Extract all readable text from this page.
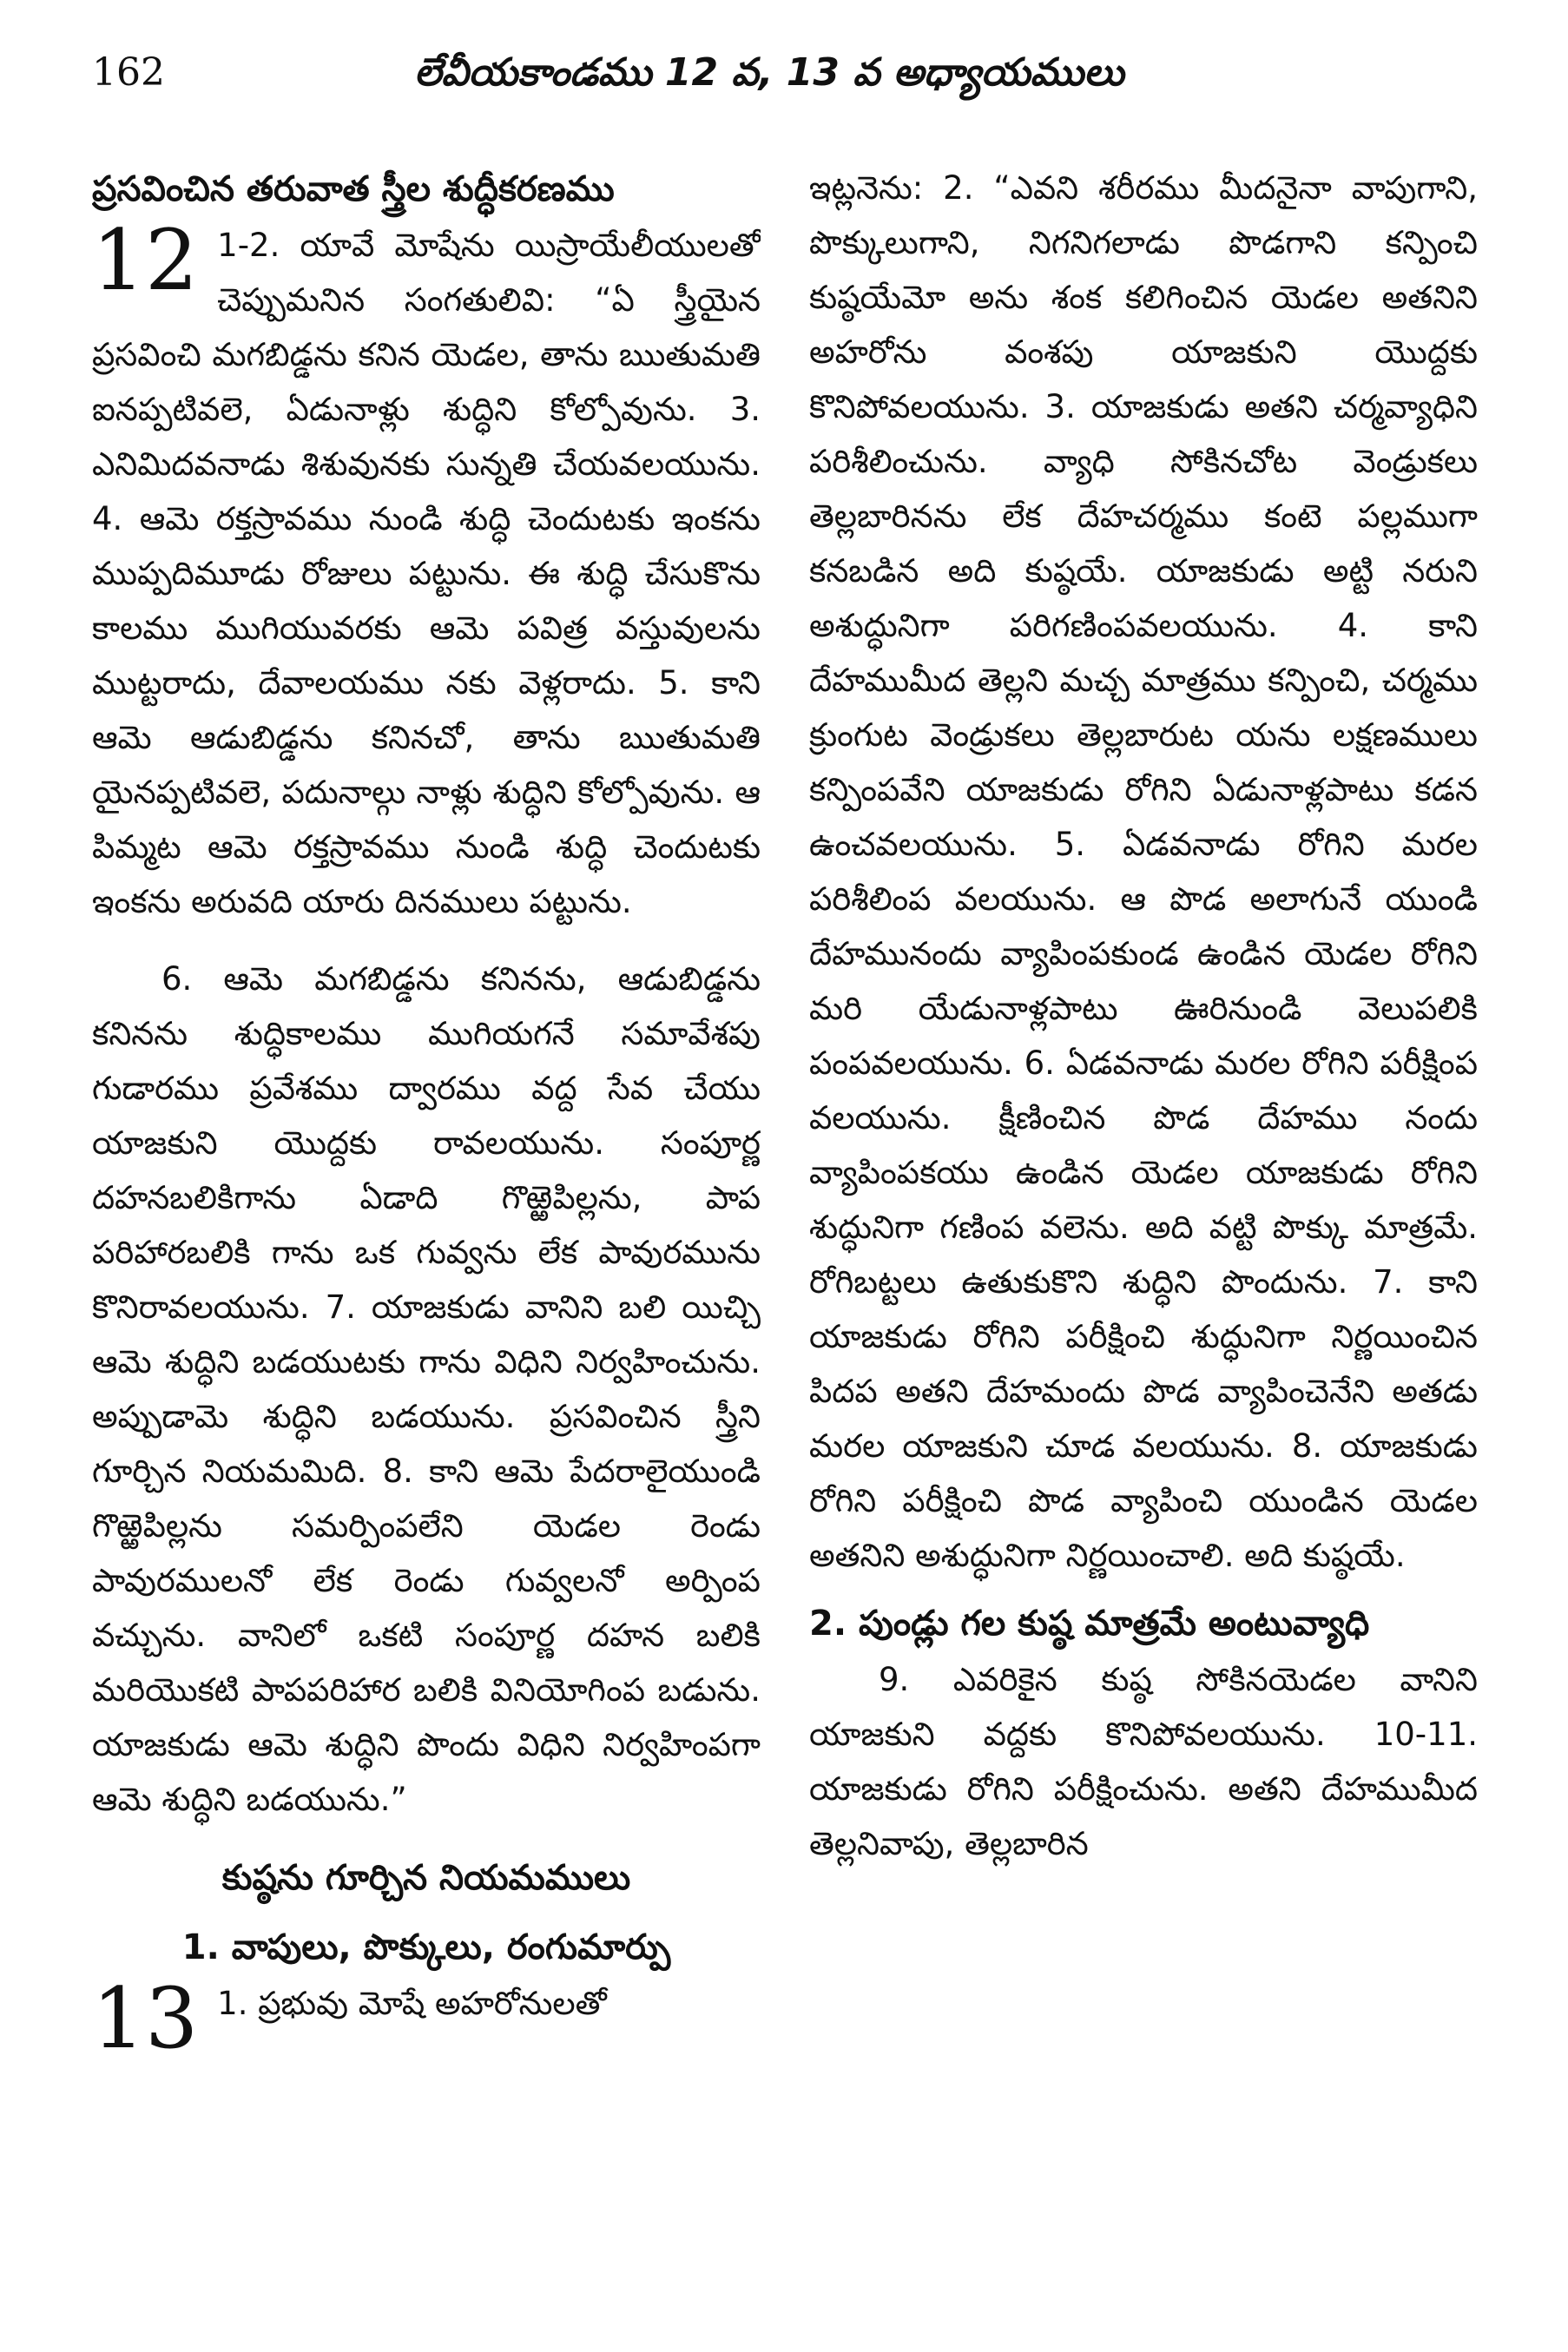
162	లేవీయకాండము 12 వ, 13 వ అధ్యాయములు

ప్రసవించిన తరువాత స్త్రీల శుద్ధీకరణము

12 1-2. యావే మోషేను యిస్రాయేలీయులతో చెప్పుమనిన సంగతులివి: “ఏ స్త్రీయైన ప్రసవించి మగబిడ్డను కనిన యెడల, తాను ఋతుమతి ఐనప్పటివలె, ఏడునాళ్లు శుద్ధిని కోల్పోవును. 3. ఎనిమిదవనాడు శిశువునకు సున్నతి చేయవలయును. 4. ఆమె రక్తస్రావము నుండి శుద్ధి చెందుటకు ఇంకను ముప్పదిమూడు రోజులు పట్టును. ఈ శుద్ధి చేసుకొను కాలము ముగియువరకు ఆమె పవిత్ర వస్తువులను ముట్టరాదు, దేవాలయము నకు వెళ్లరాదు. 5. కాని ఆమె ఆడుబిడ్డను కనినచో, తాను ఋతుమతి యైనప్పటివలె, పదునాల్గు నాళ్లు శుద్ధిని కోల్పోవును. ఆ పిమ్మట ఆమె రక్తస్రావము నుండి శుద్ధి చెందుటకు ఇంకను అరువది యారు దినములు పట్టును.

6. ఆమె మగబిడ్డను కనినను, ఆడుబిడ్డను కనినను శుద్ధికాలము ముగియగనే సమావేశపు గుడారము ప్రవేశము ద్వారము వద్ద సేవ చేయు యాజకుని యొద్దకు రావలయును. సంపూర్ణ దహనబలికిగాను ఏడాది గొఱ్ఱెపిల్లను, పాప పరిహారబలికి గాను ఒక గువ్వను లేక పావురమును కొనిరావలయును. 7. యాజకుడు వానిని బలి యిచ్చి ఆమె శుద్ధిని బడయుటకు గాను విధిని నిర్వహించును. అప్పుడామె శుద్ధిని బడయును. ప్రసవించిన స్త్రీని గూర్చిన నియమమిది. 8. కాని ఆమె పేదరాలైయుండి గొఱ్ఱెపిల్లను సమర్పింపలేని యెడల రెండు పావురములనో లేక రెండు గువ్వలనో అర్పింప వచ్చును. వానిలో ఒకటి సంపూర్ణ దహన బలికి మరియొకటి పాపపరిహార బలికి వినియోగింప బడును. యాజకుడు ఆమె శుద్ధిని పొందు విధిని నిర్వహింపగా ఆమె శుద్ధిని బడయును.”

కుష్ఠను గూర్చిన నియమములు

1. వాపులు, పొక్కులు, రంగుమార్పు

13 1. ప్రభువు మోషే అహరోనులతో

ఇట్లనెను: 2. “ఎవని శరీరము మీదనైనా వాపుగాని, పొక్కులుగాని, నిగనిగలాడు పొడగాని కన్పించి కుష్ఠయేమో అను శంక కలిగించిన యెడల అతనిని అహరోను వంశపు యాజకుని యొద్దకు కొనిపోవలయును. 3. యాజకుడు అతని చర్మవ్యాధిని పరిశీలించును. వ్యాధి సోకినచోట వెండ్రుకలు తెల్లబారినను లేక దేహచర్మము కంటె పల్లముగా కనబడిన అది కుష్ఠయే. యాజకుడు అట్టి నరుని అశుద్ధునిగా పరిగణింపవలయును. 4. కాని దేహముమీద తెల్లని మచ్చ మాత్రము కన్పించి, చర్మము క్రుంగుట వెండ్రుకలు తెల్లబారుట యను లక్షణములు కన్పింపవేని యాజకుడు రోగిని ఏడునాళ్లపాటు కడన ఉంచవలయును. 5. ఏడవనాడు రోగిని మరల పరిశీలింప వలయును. ఆ పొడ అలాగునే యుండి దేహమునందు వ్యాపింపకుండ ఉండిన యెడల రోగిని మరి యేడునాళ్లపాటు ఊరినుండి వెలుపలికి పంపవలయును. 6. ఏడవనాడు మరల రోగిని పరీక్షింప వలయును. క్షీణించిన పొడ దేహము నందు వ్యాపింపకయు ఉండిన యెడల యాజకుడు రోగిని శుద్ధునిగా గణింప వలెను. అది వట్టి పొక్కు మాత్రమే. రోగిబట్టలు ఉతుకుకొని శుద్ధిని పొందును. 7. కాని యాజకుడు రోగిని పరీక్షించి శుద్ధునిగా నిర్ణయించిన పిదప అతని దేహమందు పొడ వ్యాపించెనేని అతడు మరల యాజకుని చూడ వలయును. 8. యాజకుడు రోగిని పరీక్షించి పొడ వ్యాపించి యుండిన యెడల అతనిని అశుద్ధునిగా నిర్ణయించాలి. అది కుష్ఠయే.

2. పుండ్లు గల కుష్ఠ మాత్రమే అంటువ్యాధి

9. ఎవరికైన కుష్ఠ సోకినయెడల వానిని యాజకుని వద్దకు కొనిపోవలయును. 10-11. యాజకుడు రోగిని పరీక్షించును. అతని దేహముమీద తెల్లనివాపు, తెల్లబారిన
